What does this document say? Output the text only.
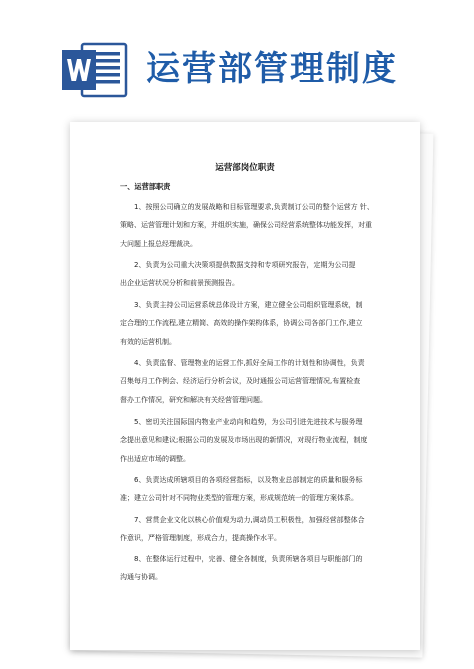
运营部管理制度
运营部岗位职责
一、运营部职责
1、按照公司确立的发展战略和目标管理要求,负责制订公司的整个运营方 针、
策略、运营管理计划和方案，并组织实施，确保公司经营系统整体功能发挥，对重
大问题上报总经理裁决。
2、负责为公司重大决策项提供数据支持和专项研究报告，定期为公司提
出企业运营状况分析和前景预测报告。
3、负责主持公司运营系统总体设计方案，建立健全公司组织管理系统，制
定合理的工作流程,建立精简、高效的操作架构体系，协调公司各部门工作,建立
有效的运营机制。
4、负责监督、管理物业的运营工作,抓好全局工作的计划性和协调性，负责
召集每月工作例会、经济运行分析会议，及时通报公司运营管理情况,布置检查
督办工作情况，研究和解决有关经营管理问题。
5、密切关注国际国内物业产业动向和趋势，为公司引进先进技术与服务理
念提出意见和建议;根据公司的发展及市场出现的新情况，对现行物业流程，制度
作出适应市场的调整。
6、负责达成所辖项目的各项经营指标，以及物业总部制定的质量和服务标
准；建立公司针对不同物业类型的管理方案，形成规范统一的管理方案体系。
7、营贯企业文化以核心价值观为动力,调动员工积极性，加强经营部整体合
作意识，严格管理制度，形成合力，提高操作水平。
8、在整体运行过程中，完善、健全各制度，负责所辖各项目与职能部门的
沟通与协调。
